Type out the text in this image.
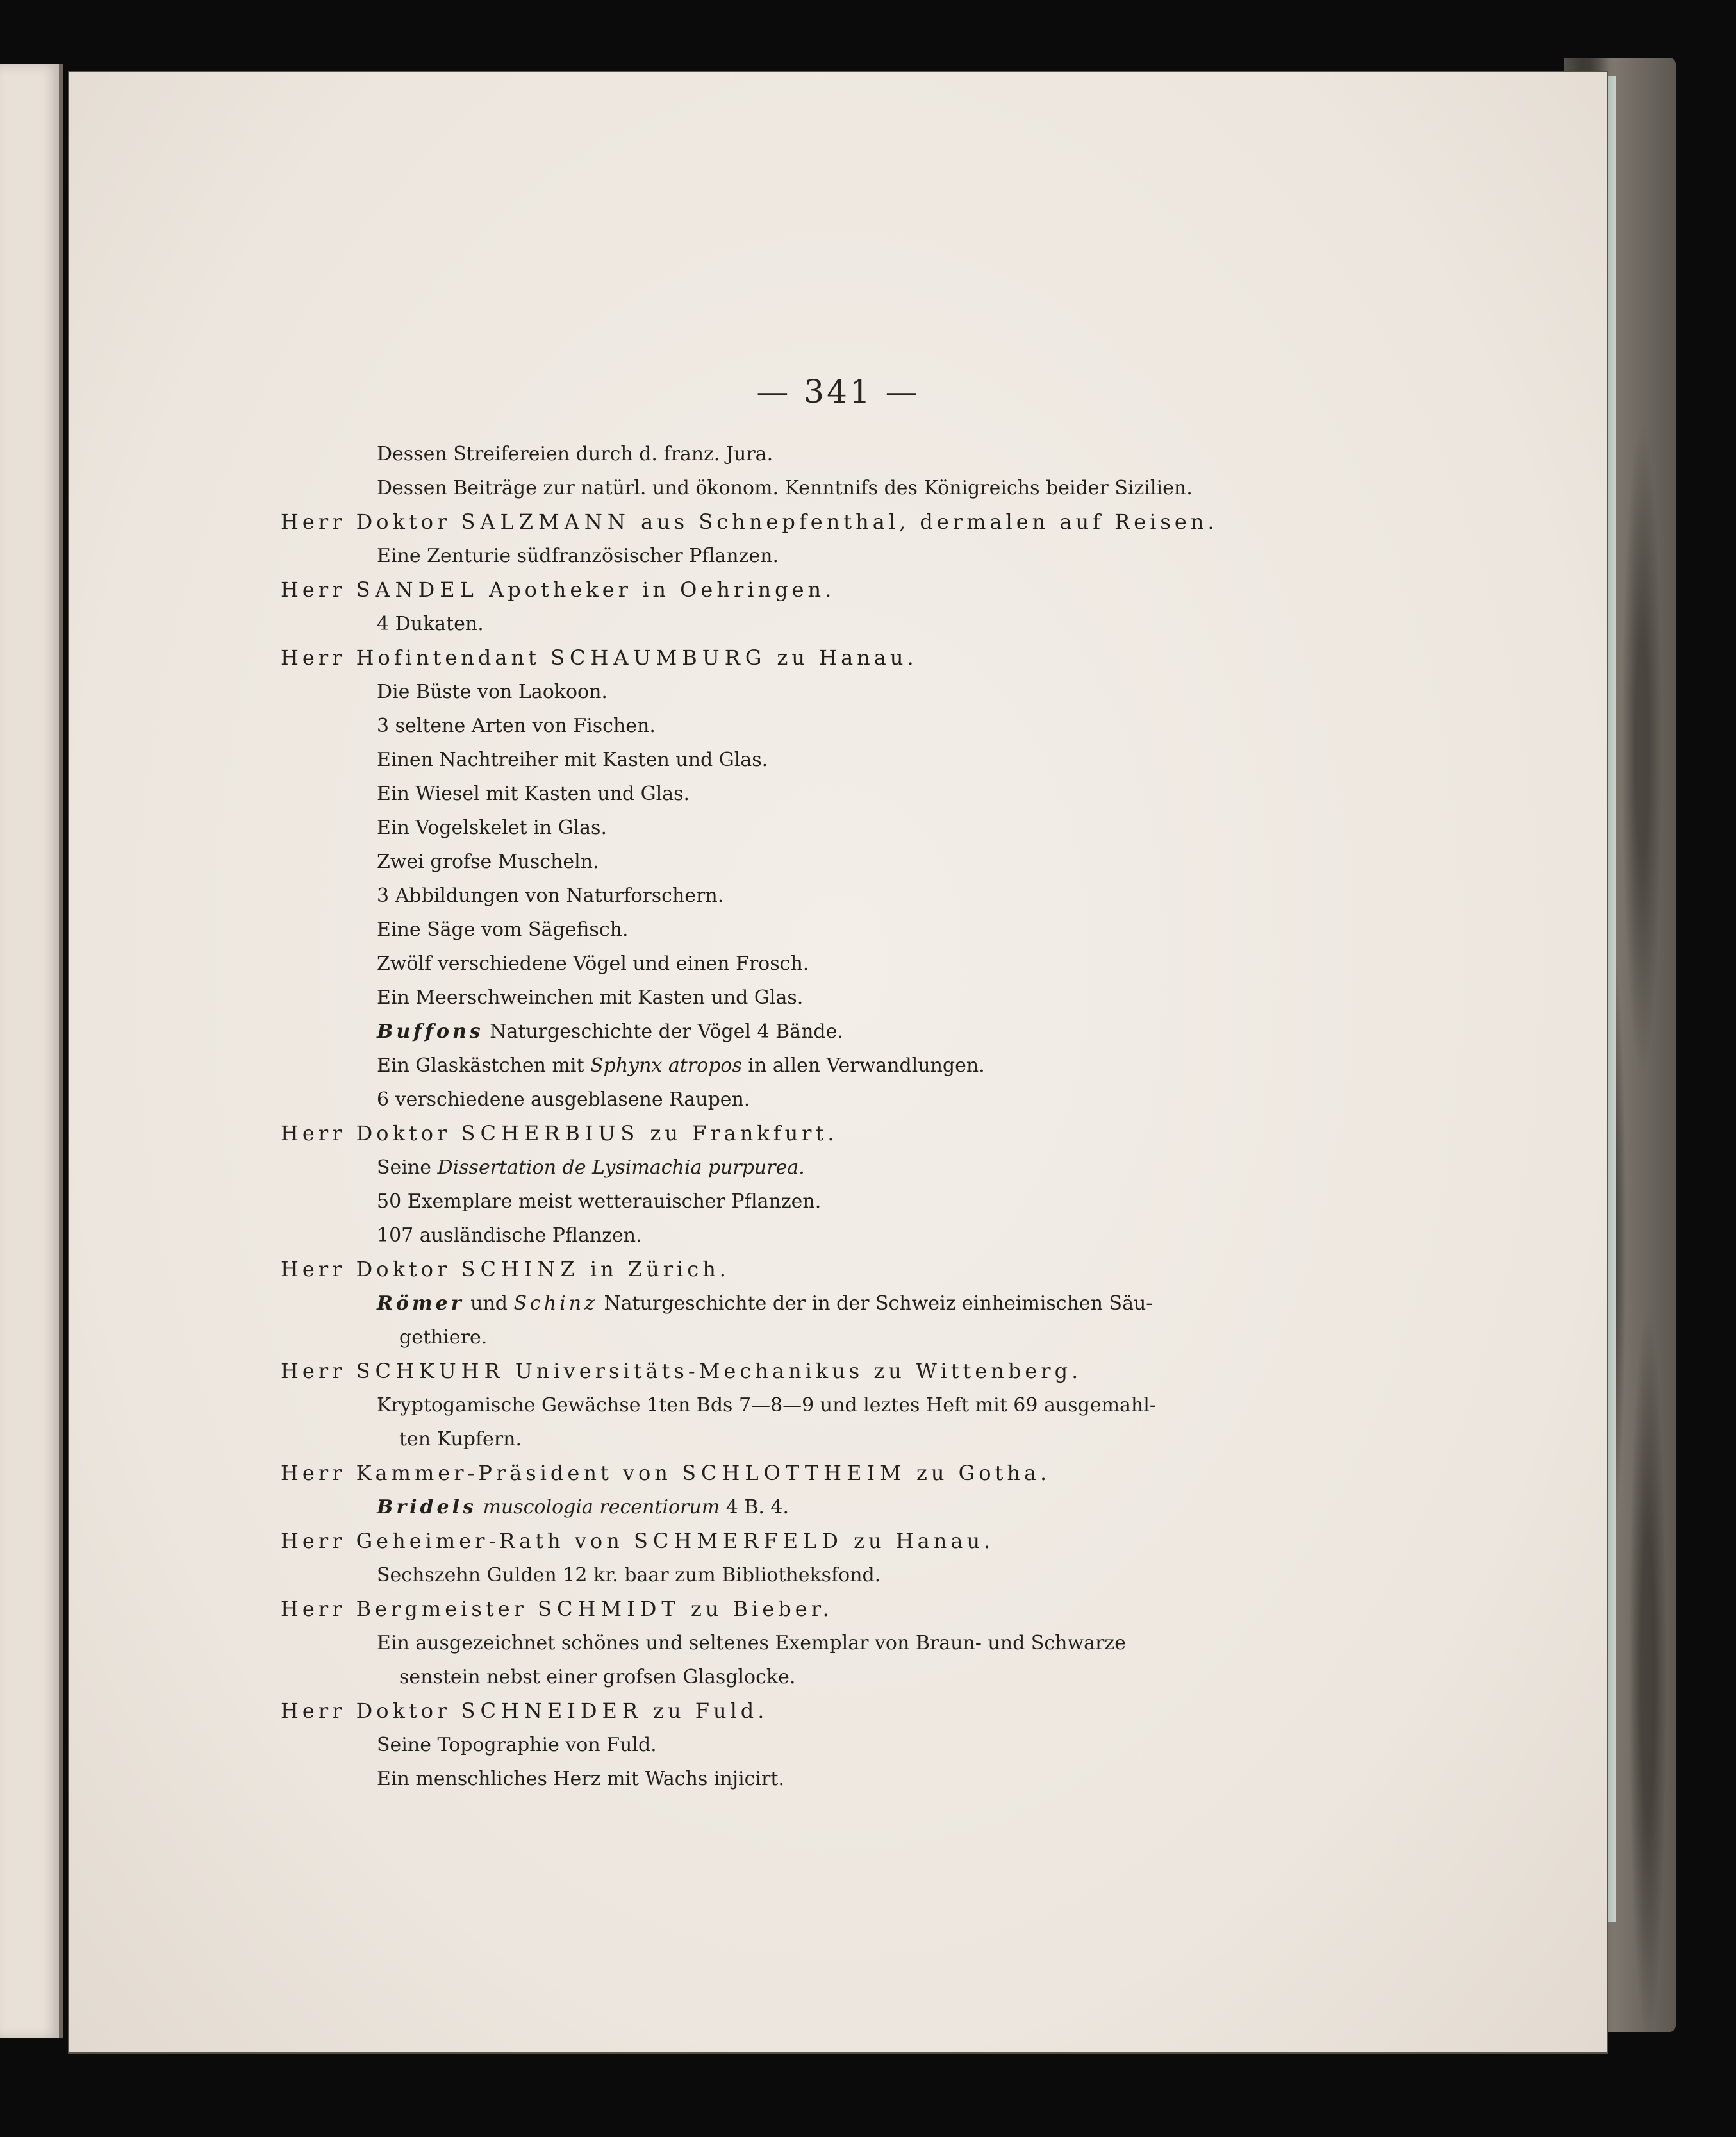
— 341 —
Dessen Streifereien durch d. franz. Jura.
Dessen Beiträge zur natürl. und ökonom. Kenntnifs des Königreichs beider Sizilien.
Herr Doktor SALZMANN aus Schnepfenthal, dermalen auf Reisen.
Eine Zenturie südfranzösischer Pflanzen.
Herr SANDEL Apotheker in Oehringen.
4 Dukaten.
Herr Hofintendant SCHAUMBURG zu Hanau.
Die Büste von Laokoon.
3 seltene Arten von Fischen.
Einen Nachtreiher mit Kasten und Glas.
Ein Wiesel mit Kasten und Glas.
Ein Vogelskelet in Glas.
Zwei grofse Muscheln.
3 Abbildungen von Naturforschern.
Eine Säge vom Sägefisch.
Zwölf verschiedene Vögel und einen Frosch.
Ein Meerschweinchen mit Kasten und Glas.
Buffons Naturgeschichte der Vögel 4 Bände.
Ein Glaskästchen mit Sphynx atropos in allen Verwandlungen.
6 verschiedene ausgeblasene Raupen.
Herr Doktor SCHERBIUS zu Frankfurt.
Seine Dissertation de Lysimachia purpurea.
50 Exemplare meist wetterauischer Pflanzen.
107 ausländische Pflanzen.
Herr Doktor SCHINZ in Zürich.
Römer und Schinz Naturgeschichte der in der Schweiz einheimischen Säu-
gethiere.
Herr SCHKUHR Universitäts-Mechanikus zu Wittenberg.
Kryptogamische Gewächse 1ten Bds 7—8—9 und leztes Heft mit 69 ausgemahl-
ten Kupfern.
Herr Kammer-Präsident von SCHLOTTHEIM zu Gotha.
Bridels muscologia recentiorum 4 B. 4.
Herr Geheimer-Rath von SCHMERFELD zu Hanau.
Sechszehn Gulden 12 kr. baar zum Bibliotheksfond.
Herr Bergmeister SCHMIDT zu Bieber.
Ein ausgezeichnet schönes und seltenes Exemplar von Braun- und Schwarze
senstein nebst einer grofsen Glasglocke.
Herr Doktor SCHNEIDER zu Fuld.
Seine Topographie von Fuld.
Ein menschliches Herz mit Wachs injicirt.
